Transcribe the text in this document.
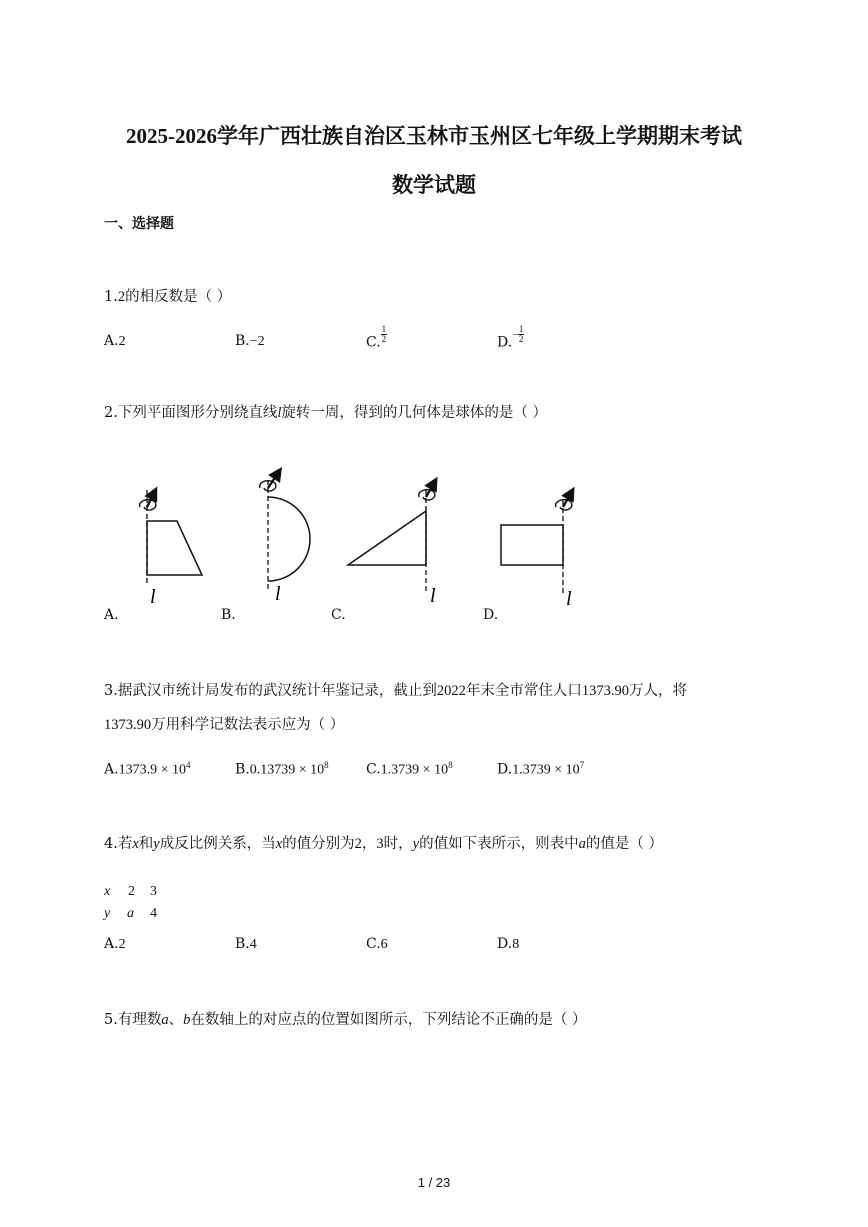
2025-2026学年广西壮族自治区玉林市玉州区七年级上学期期末考试
数学试题
一、选择题
1.2的相反数是（ ）
A.2	B.−2	C. $\frac{1}{2}$	$D.^- \frac{1}{2}$
2.下列平面图形分别绕直线l旋转一周，得到的几何体是球体的是（ ）
l	l	l	l
A.	B.	C.	D.
3.据武汉市统计局发布的武汉统计年鉴记录，截止到2022年末全市常住人口1373.90万人，将
1373.90万用科学记数法表示应为（ ）
$A.1373.9 \times 10^4$	$B.0.13739 \times 10^8$	$C.1.3739 \times 10^8$	$D.1.3739 \times 10^7$
4.若x和y成反比例关系，当x的值分别为2，3时，y的值如下表所示，则表中a的值是（ ）
x 2 3
y a 4
A.2	B.4	C.6	D.8
5.有理数a、b在数轴上的对应点的位置如图所示，下列结论不正确的是（ ）
1 / 23
